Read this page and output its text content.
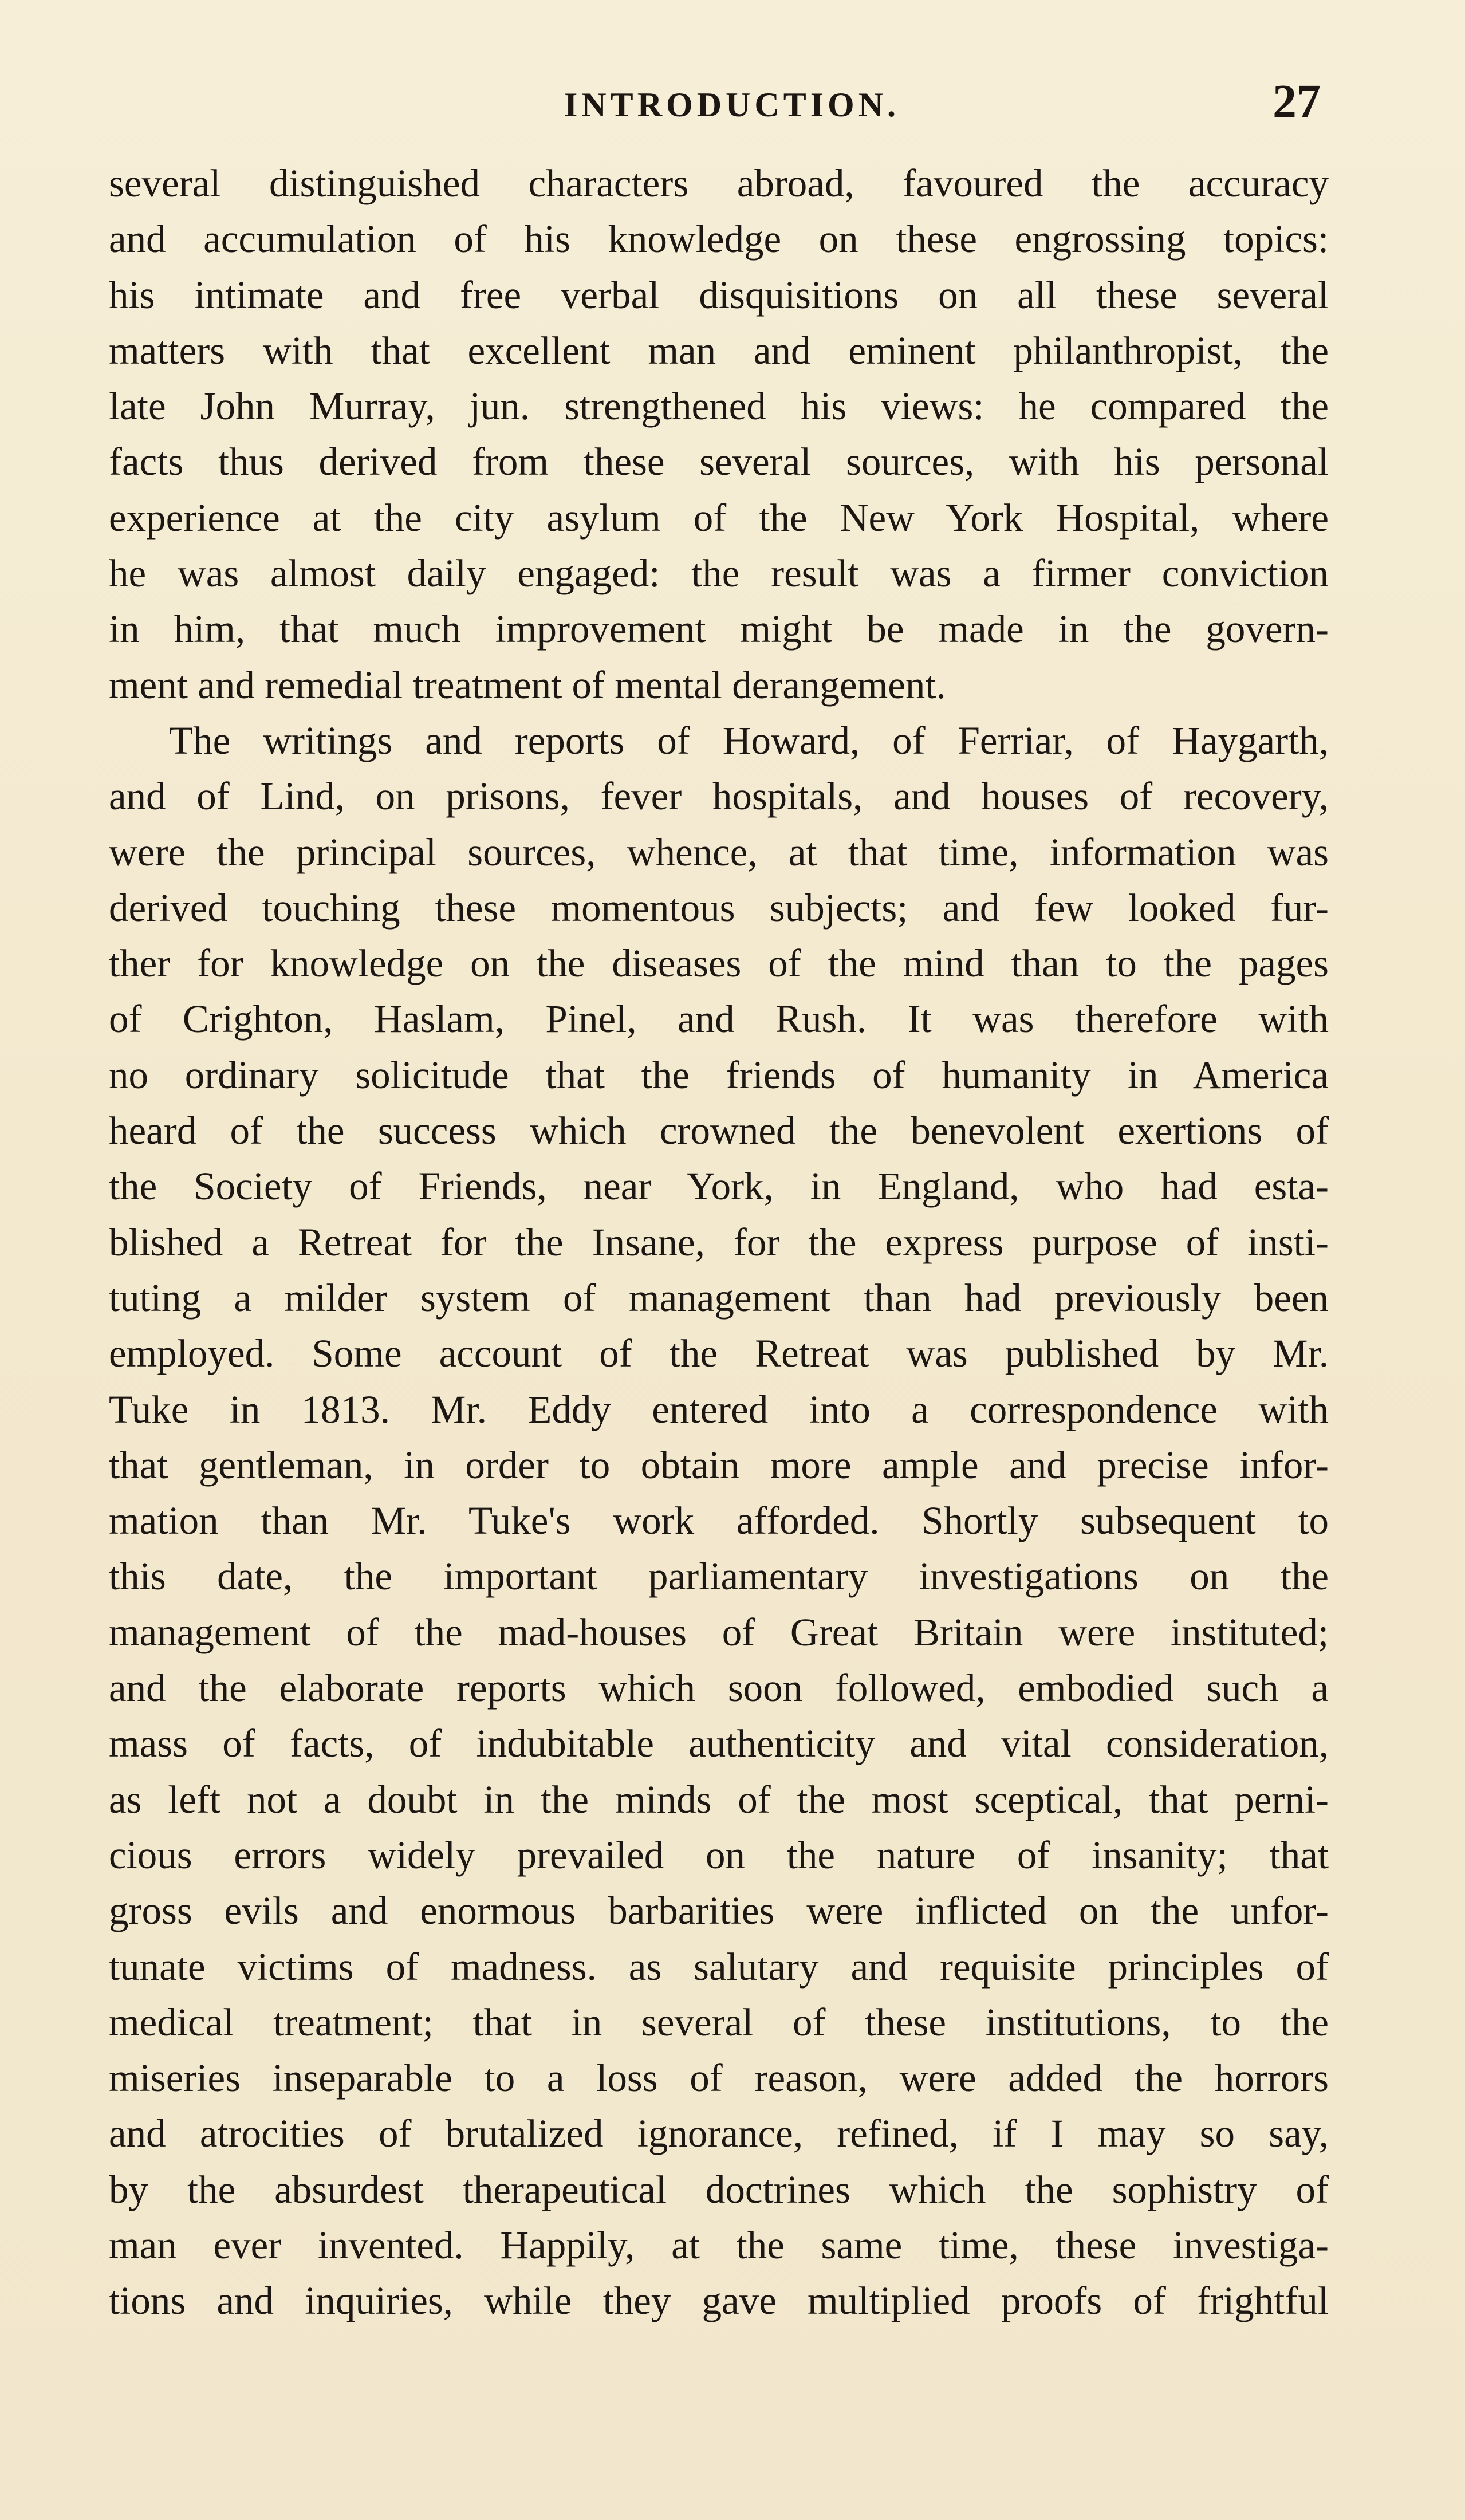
INTRODUCTION.	27
several distinguished characters abroad, favoured the accuracy
and accumulation of his knowledge on these engrossing topics:
his intimate and free verbal disquisitions on all these several
matters with that excellent man and eminent philanthropist, the
late John Murray, jun. strengthened his views: he compared the
facts thus derived from these several sources, with his personal
experience at the city asylum of the New York Hospital, where
he was almost daily engaged: the result was a firmer conviction
in him, that much improvement might be made in the govern-
ment and remedial treatment of mental derangement.
The writings and reports of Howard, of Ferriar, of Haygarth,
and of Lind, on prisons, fever hospitals, and houses of recovery,
were the principal sources, whence, at that time, information was
derived touching these momentous subjects; and few looked fur-
ther for knowledge on the diseases of the mind than to the pages
of Crighton, Haslam, Pinel, and Rush. It was therefore with
no ordinary solicitude that the friends of humanity in America
heard of the success which crowned the benevolent exertions of
the Society of Friends, near York, in England, who had esta-
blished a Retreat for the Insane, for the express purpose of insti-
tuting a milder system of management than had previously been
employed. Some account of the Retreat was published by Mr.
Tuke in 1813. Mr. Eddy entered into a correspondence with
that gentleman, in order to obtain more ample and precise infor-
mation than Mr. Tuke's work afforded. Shortly subsequent to
this date, the important parliamentary investigations on the
management of the mad-houses of Great Britain were instituted;
and the elaborate reports which soon followed, embodied such a
mass of facts, of indubitable authenticity and vital consideration,
as left not a doubt in the minds of the most sceptical, that perni-
cious errors widely prevailed on the nature of insanity; that
gross evils and enormous barbarities were inflicted on the unfor-
tunate victims of madness. as salutary and requisite principles of
medical treatment; that in several of these institutions, to the
miseries inseparable to a loss of reason, were added the horrors
and atrocities of brutalized ignorance, refined, if I may so say,
by the absurdest therapeutical doctrines which the sophistry of
man ever invented. Happily, at the same time, these investiga-
tions and inquiries, while they gave multiplied proofs of frightful
